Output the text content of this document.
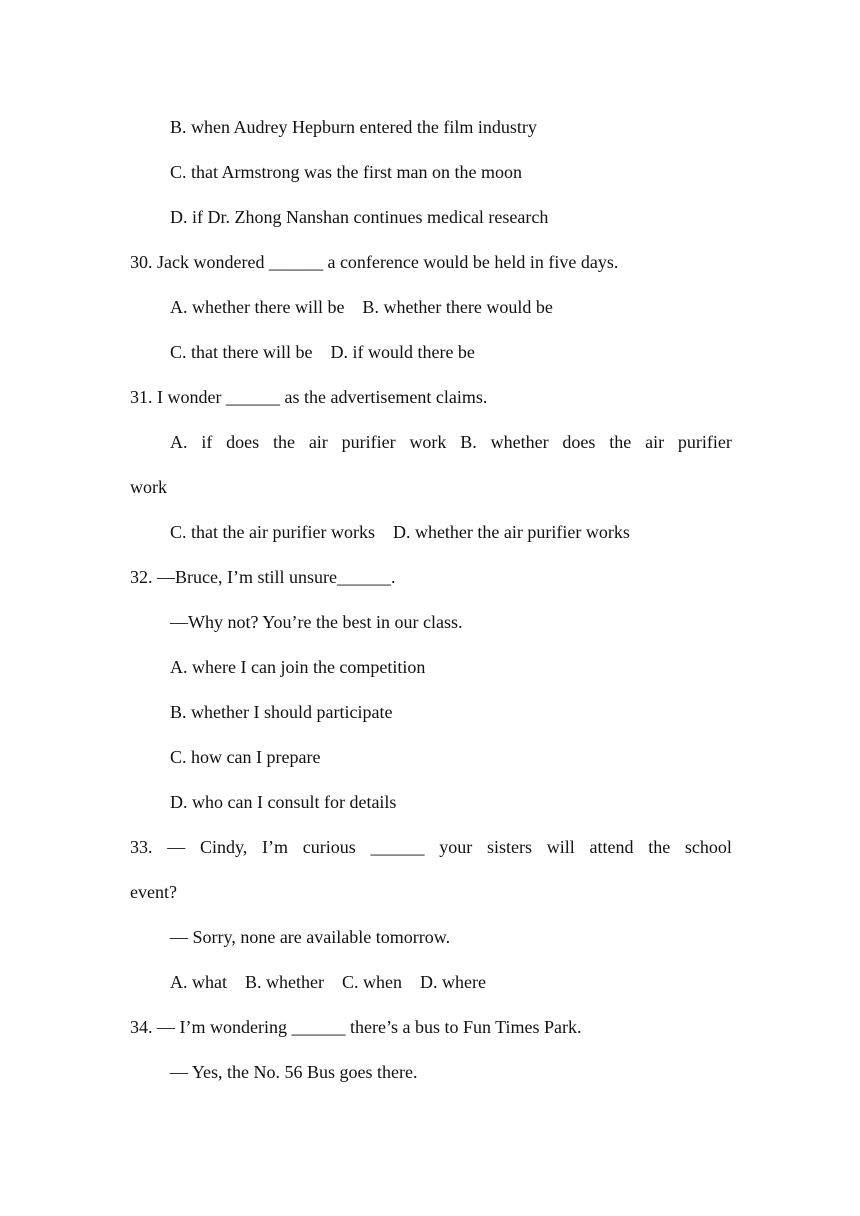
B. when Audrey Hepburn entered the film industry
C. that Armstrong was the first man on the moon
D. if Dr. Zhong Nanshan continues medical research
30. Jack wondered ______ a conference would be held in five days.
A. whether there will be    B. whether there would be
C. that there will be    D. if would there be
31. I wonder ______ as the advertisement claims.
A. if does the air purifier work B. whether does the air purifier
work
C. that the air purifier works    D. whether the air purifier works
32. —Bruce, I’m still unsure______.
—Why not? You’re the best in our class.
A. where I can join the competition
B. whether I should participate
C. how can I prepare
D. who can I consult for details
33. — Cindy, I’m curious ______ your sisters will attend the school
event?
— Sorry, none are available tomorrow.
A. what    B. whether    C. when    D. where
34. — I’m wondering ______ there’s a bus to Fun Times Park.
— Yes, the No. 56 Bus goes there.
